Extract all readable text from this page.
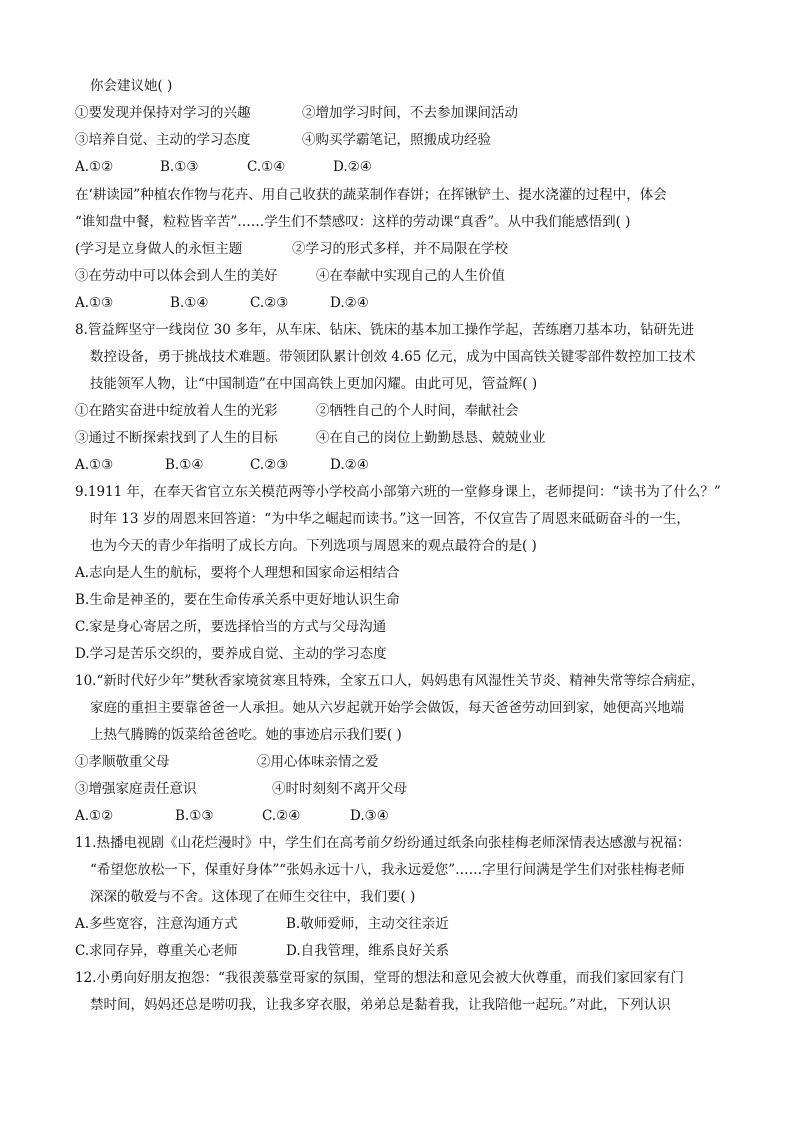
你会建议她( )
①要发现并保持对学习的兴趣	②增加学习时间，不去参加课间活动
③培养自觉、主动的学习态度	④购买学霸笔记，照搬成功经验
A.①②	B.①③	C.①④	D.②④
在‘耕读园”种植农作物与花卉、用自己收获的蔬菜制作春饼；在挥锹铲土、提水浇灌的过程中，体会
“谁知盘中餐，粒粒皆辛苦”……学生们不禁感叹：这样的劳动课“真香”。从中我们能感悟到( )
(学习是立身做人的永恒主题	②学习的形式多样，并不局限在学校
③在劳动中可以体会到人生的美好	④在奉献中实现自己的人生价值
A.①③	B.①④	C.②③	D.②④
8.管益辉坚守一线岗位 30 多年，从车床、钻床、铣床的基本加工操作学起，苦练磨刀基本功，钻研先进
数控设备，勇于挑战技术难题。带领团队累计创效 4.65 亿元，成为中国高铁关键零部件数控加工技术
技能领军人物，让“中国制造”在中国高铁上更加闪耀。由此可见，管益辉( )
①在踏实奋进中绽放着人生的光彩	②牺牲自己的个人时间，奉献社会
③通过不断探索找到了人生的目标	④在自己的岗位上勤勤恳恳、兢兢业业
A.①③	B.①④	C.②③	D.②④
9.1911 年，在奉天省官立东关模范两等小学校高小部第六班的一堂修身课上，老师提问：“读书为了什么？”
时年 13 岁的周恩来回答道：“为中华之崛起而读书。”这一回答，不仅宣告了周恩来砥砺奋斗的一生，
也为今天的青少年指明了成长方向。下列选项与周恩来的观点最符合的是( )
A.志向是人生的航标，要将个人理想和国家命运相结合
B.生命是神圣的，要在生命传承关系中更好地认识生命
C.家是身心寄居之所，要选择恰当的方式与父母沟通
D.学习是苦乐交织的，要养成自觉、主动的学习态度
10.“新时代好少年”樊秋香家境贫寒且特殊，全家五口人，妈妈患有风湿性关节炎、精神失常等综合病症，
家庭的重担主要靠爸爸一人承担。她从六岁起就开始学会做饭，每天爸爸劳动回到家，她便高兴地端
上热气腾腾的饭菜给爸爸吃。她的事迹启示我们要( )
①孝顺敬重父母	②用心体味亲情之爱
③增强家庭责任意识	④时时刻刻不离开父母
A.①②	B.①③	C.②④	D.③④
11.热播电视剧《山花烂漫时》中，学生们在高考前夕纷纷通过纸条向张桂梅老师深情表达感激与祝福：
“希望您放松一下，保重好身体”“张妈永远十八，我永远爱您”……字里行间满是学生们对张桂梅老师
深深的敬爱与不舍。这体现了在师生交往中，我们要( )
A.多些宽容，注意沟通方式	B.敬师爱师，主动交往亲近
C.求同存异，尊重关心老师	D.自我管理，维系良好关系
12.小勇向好朋友抱怨：“我很羡慕堂哥家的氛围，堂哥的想法和意见会被大伙尊重，而我们家回家有门
禁时间，妈妈还总是唠叨我，让我多穿衣服，弟弟总是黏着我，让我陪他一起玩。”对此，下列认识
